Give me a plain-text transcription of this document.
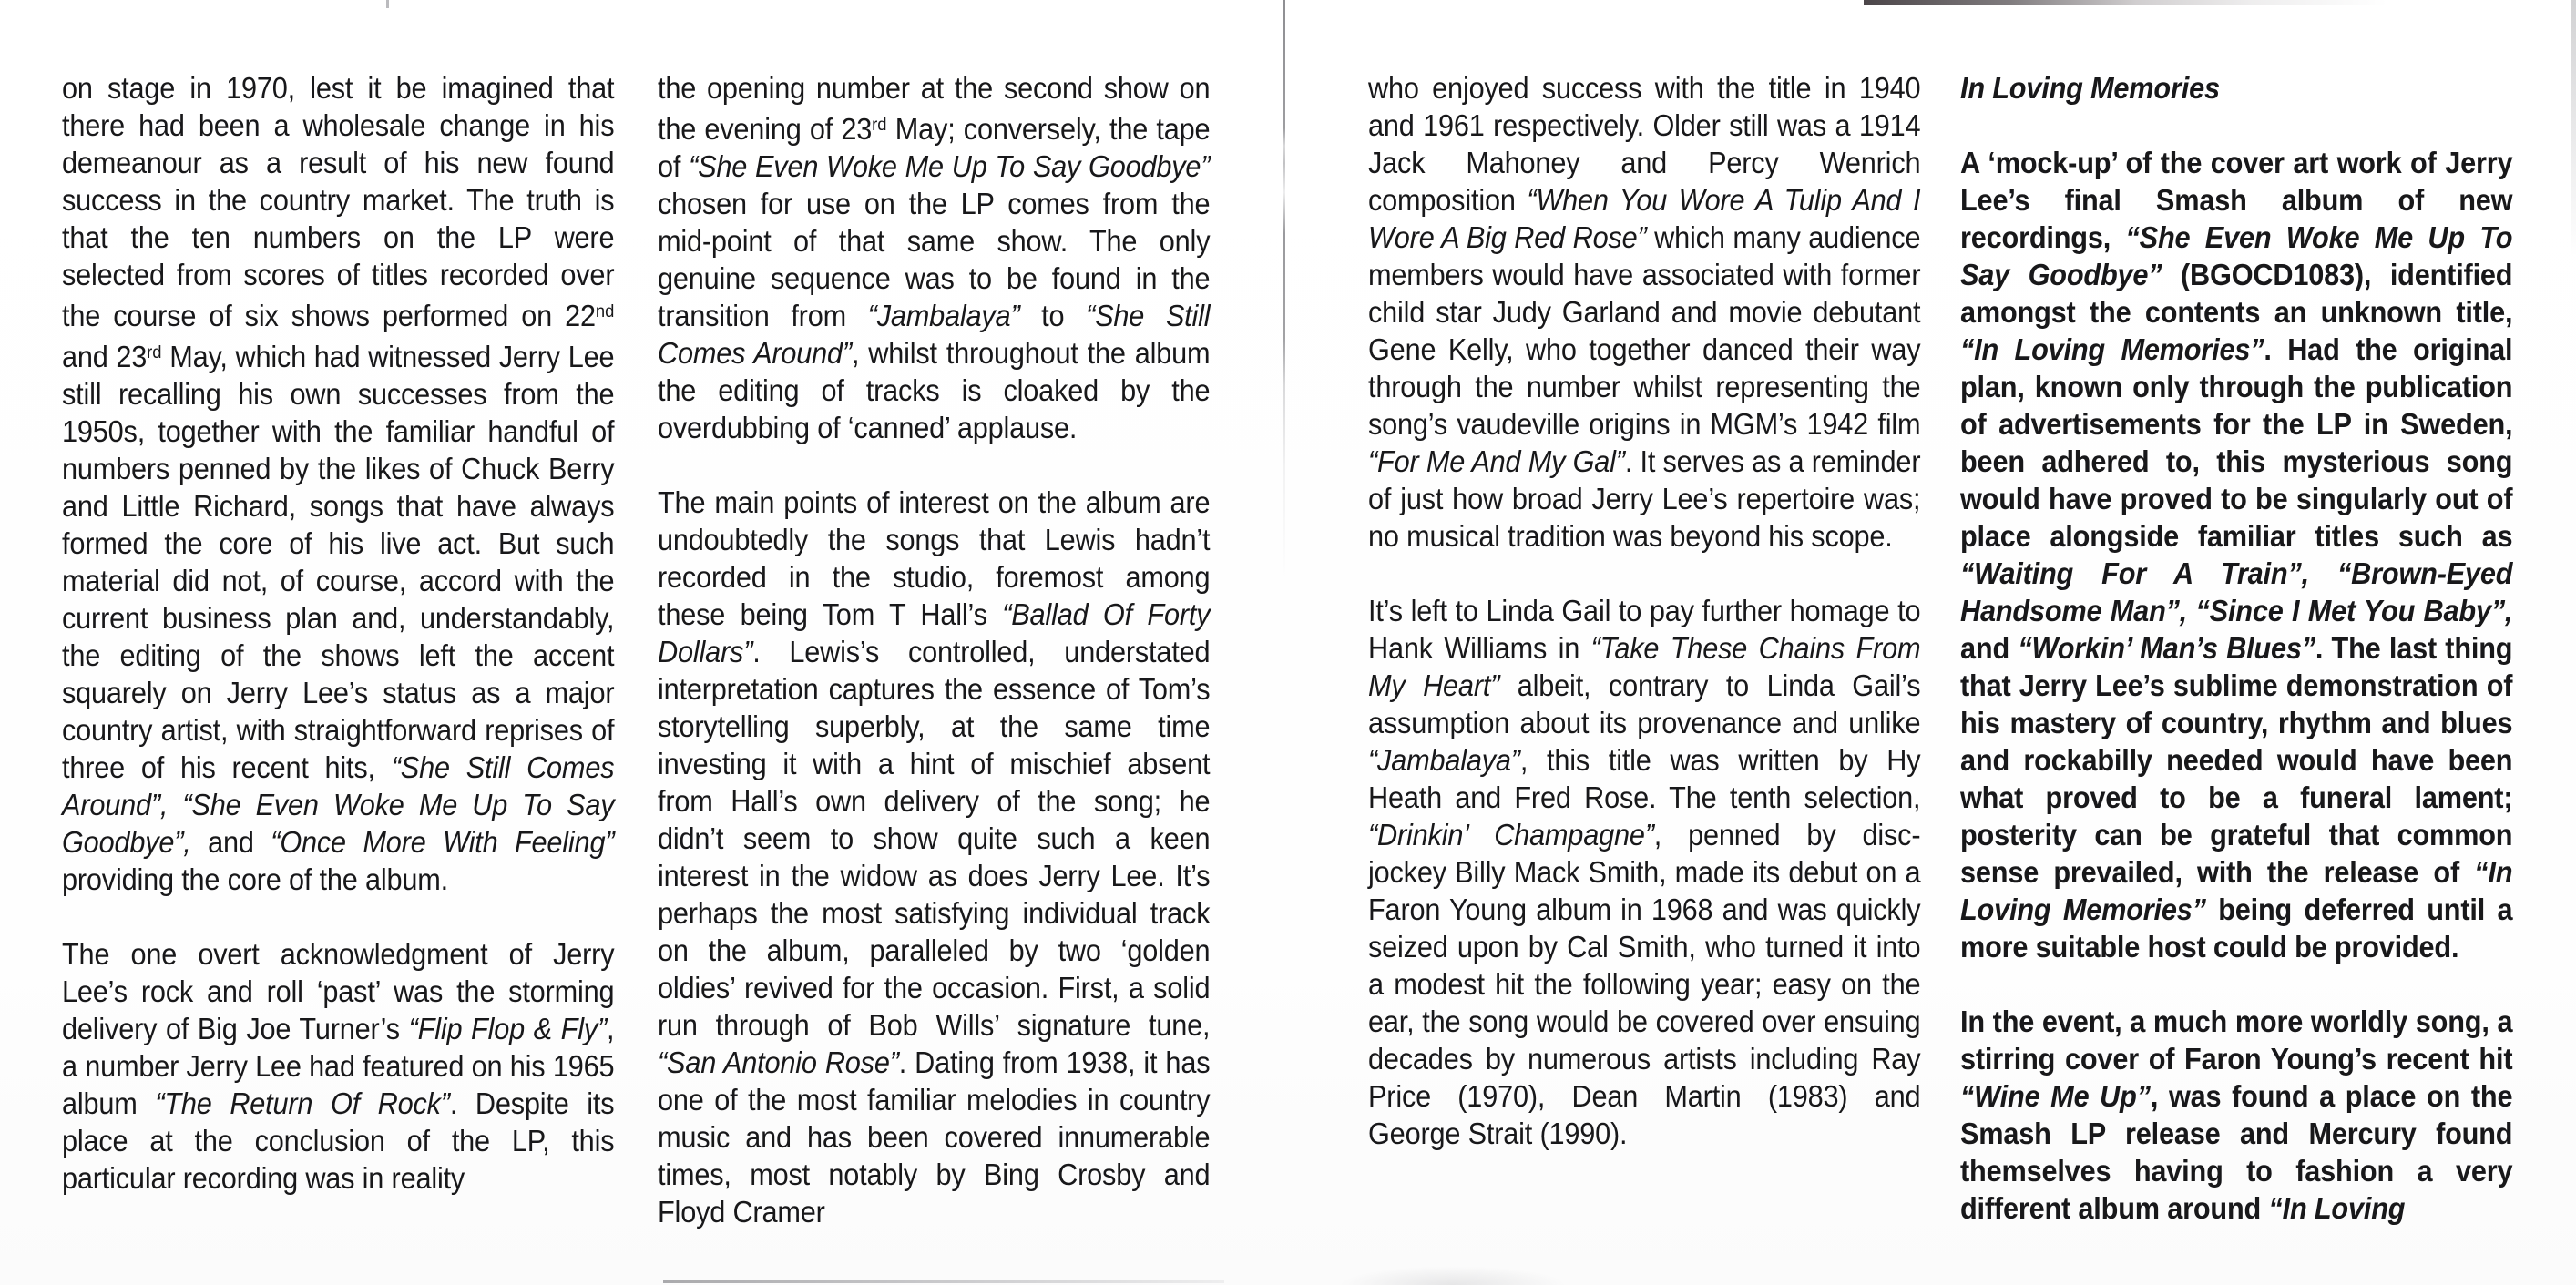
on stage in 1970, lest it be imagined that there had been a wholesale change in his demeanour as a result of his new found success in the country market. The truth is that the ten numbers on the LP were selected from scores of titles recorded over the course of six shows performed on 22nd and 23rd May, which had witnessed Jerry Lee still recalling his own successes from the 1950s, together with the familiar handful of numbers penned by the likes of Chuck Berry and Little Richard, songs that have always formed the core of his live act. But such material did not, of course, accord with the current business plan and, understandably, the editing of the shows left the accent squarely on Jerry Lee’s status as a major country artist, with straightforward reprises of three of his recent hits, “She Still Comes Around”, “She Even Woke Me Up To Say Goodbye”, and “Once More With Feeling” providing the core of the album.

The one overt acknowledgment of Jerry Lee’s rock and roll ‘past’ was the storming delivery of Big Joe Turner’s “Flip Flop & Fly”, a number Jerry Lee had featured on his 1965 album “The Return Of Rock”. Despite its place at the conclusion of the LP, this particular recording was in reality

the opening number at the second show on the evening of 23rd May; conversely, the tape of “She Even Woke Me Up To Say Goodbye” chosen for use on the LP comes from the mid-point of that same show. The only genuine sequence was to be found in the transition from “Jambalaya” to “She Still Comes Around”, whilst throughout the album the editing of tracks is cloaked by the overdubbing of ‘canned’ applause.

The main points of interest on the album are undoubtedly the songs that Lewis hadn’t recorded in the studio, foremost among these being Tom T Hall’s “Ballad Of Forty Dollars”. Lewis’s controlled, understated interpretation captures the essence of Tom’s storytelling superbly, at the same time investing it with a hint of mischief absent from Hall’s own delivery of the song; he didn’t seem to show quite such a keen interest in the widow as does Jerry Lee. It’s perhaps the most satisfying individual track on the album, paralleled by two ‘golden oldies’ revived for the occasion. First, a solid run through of Bob Wills’ signature tune, “San Antonio Rose”. Dating from 1938, it has one of the most familiar melodies in country music and has been covered innumerable times, most notably by Bing Crosby and Floyd Cramer

who enjoyed success with the title in 1940 and 1961 respectively. Older still was a 1914 Jack Mahoney and Percy Wenrich composition “When You Wore A Tulip And I Wore A Big Red Rose” which many audience members would have associated with former child star Judy Garland and movie debutant Gene Kelly, who together danced their way through the number whilst representing the song’s vaudeville origins in MGM’s 1942 film “For Me And My Gal”. It serves as a reminder of just how broad Jerry Lee’s repertoire was; no musical tradition was beyond his scope.

It’s left to Linda Gail to pay further homage to Hank Williams in “Take These Chains From My Heart” albeit, contrary to Linda Gail’s assumption about its provenance and unlike “Jambalaya”, this title was written by Hy Heath and Fred Rose. The tenth selection, “Drinkin’ Champagne”, penned by disc-jockey Billy Mack Smith, made its debut on a Faron Young album in 1968 and was quickly seized upon by Cal Smith, who turned it into a modest hit the following year; easy on the ear, the song would be covered over ensuing decades by numerous artists including Ray Price (1970), Dean Martin (1983) and George Strait (1990).

In Loving Memories

A ‘mock-up’ of the cover art work of Jerry Lee’s final Smash album of new recordings, “She Even Woke Me Up To Say Goodbye” (BGOCD1083), identified amongst the contents an unknown title, “In Loving Memories”. Had the original plan, known only through the publication of advertisements for the LP in Sweden, been adhered to, this mysterious song would have proved to be singularly out of place alongside familiar titles such as “Waiting For A Train”, “Brown-Eyed Handsome Man”, “Since I Met You Baby”, and “Workin’ Man’s Blues”. The last thing that Jerry Lee’s sublime demonstration of his mastery of country, rhythm and blues and rockabilly needed would have been what proved to be a funeral lament; posterity can be grateful that common sense prevailed, with the release of “In Loving Memories” being deferred until a more suitable host could be provided.

In the event, a much more worldly song, a stirring cover of Faron Young’s recent hit “Wine Me Up”, was found a place on the Smash LP release and Mercury found themselves having to fashion a very different album around “In Loving
